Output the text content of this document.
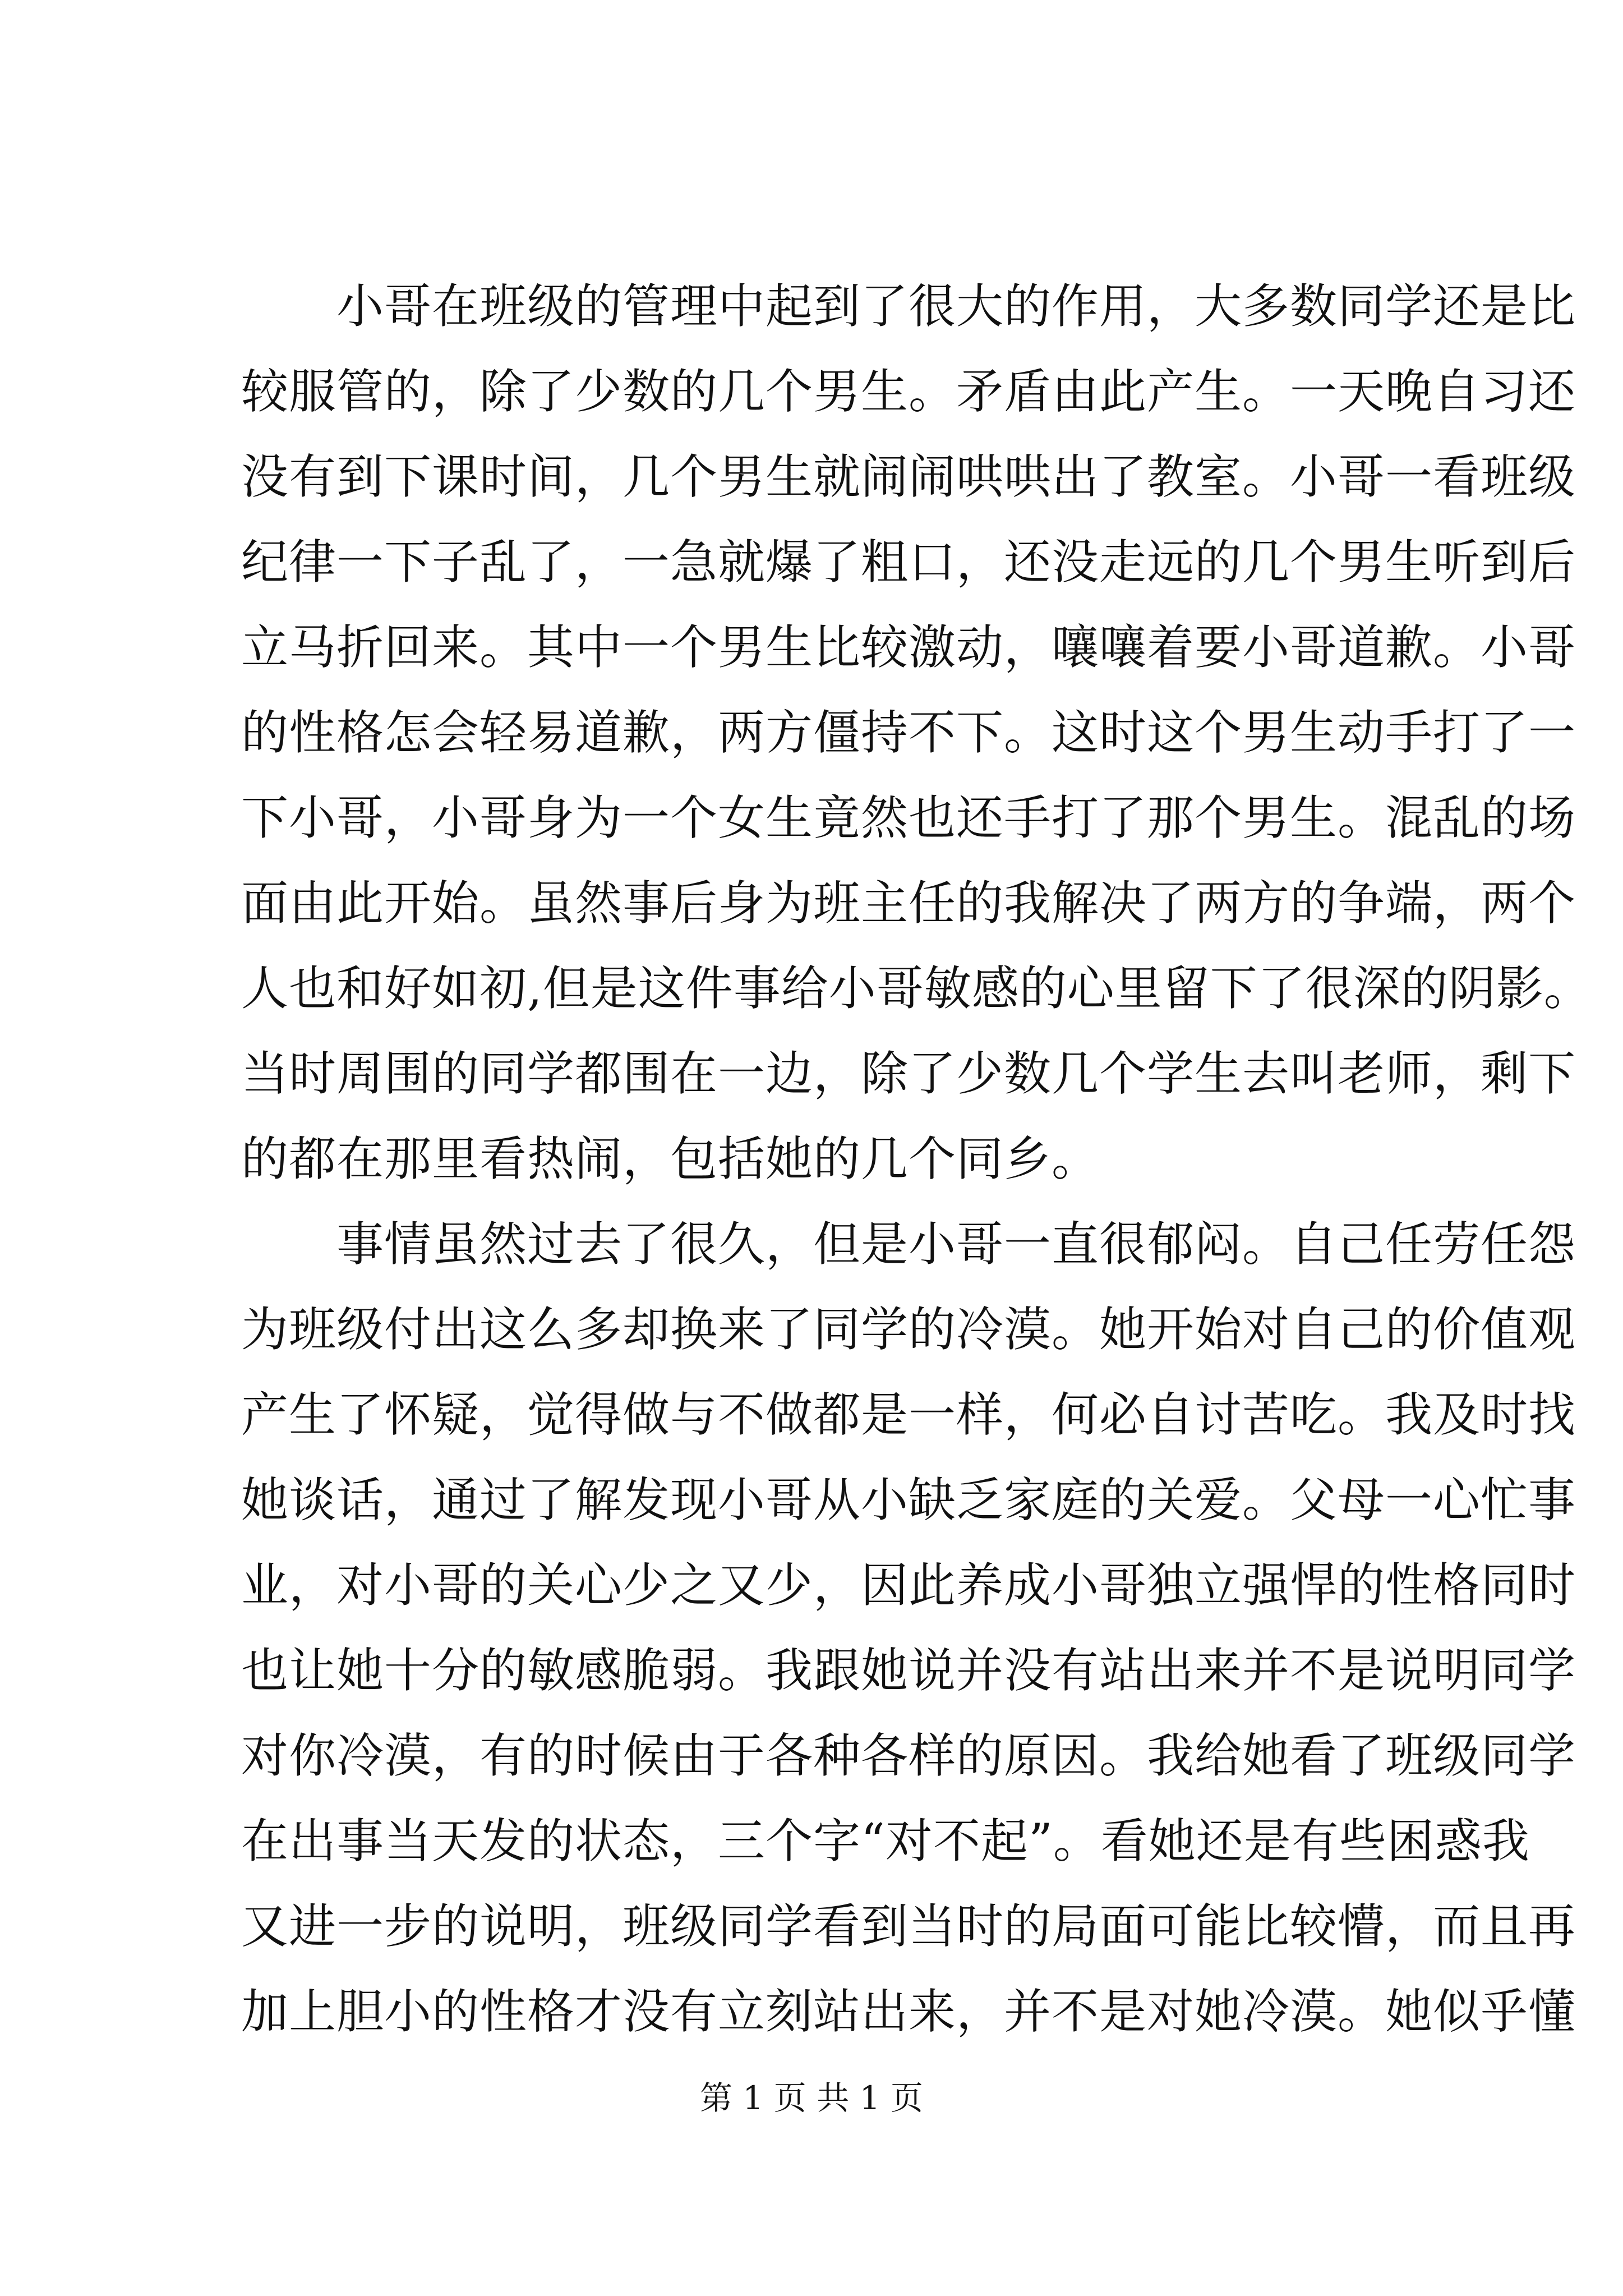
小哥在班级的管理中起到了很大的作用，大多数同学还是比
较服管的，除了少数的几个男生。矛盾由此产生。一天晚自习还
没有到下课时间，几个男生就闹闹哄哄出了教室。小哥一看班级
纪律一下子乱了，一急就爆了粗口，还没走远的几个男生听到后
立马折回来。其中一个男生比较激动，嚷嚷着要小哥道歉。小哥
的性格怎会轻易道歉，两方僵持不下。这时这个男生动手打了一
下小哥，小哥身为一个女生竟然也还手打了那个男生。混乱的场
面由此开始。虽然事后身为班主任的我解决了两方的争端，两个
人也和好如初,但是这件事给小哥敏感的心里留下了很深的阴影。
当时周围的同学都围在一边，除了少数几个学生去叫老师，剩下
的都在那里看热闹，包括她的几个同乡。
事情虽然过去了很久，但是小哥一直很郁闷。自己任劳任怨
为班级付出这么多却换来了同学的冷漠。她开始对自己的价值观
产生了怀疑，觉得做与不做都是一样，何必自讨苦吃。我及时找
她谈话，通过了解发现小哥从小缺乏家庭的关爱。父母一心忙事
业，对小哥的关心少之又少，因此养成小哥独立强悍的性格同时
也让她十分的敏感脆弱。我跟她说并没有站出来并不是说明同学
对你冷漠，有的时候由于各种各样的原因。我给她看了班级同学
在出事当天发的状态，三个字“对不起”。看她还是有些困惑我
又进一步的说明，班级同学看到当时的局面可能比较懵，而且再
加上胆小的性格才没有立刻站出来，并不是对她冷漠。她似乎懂
第 1 页 共 1 页
